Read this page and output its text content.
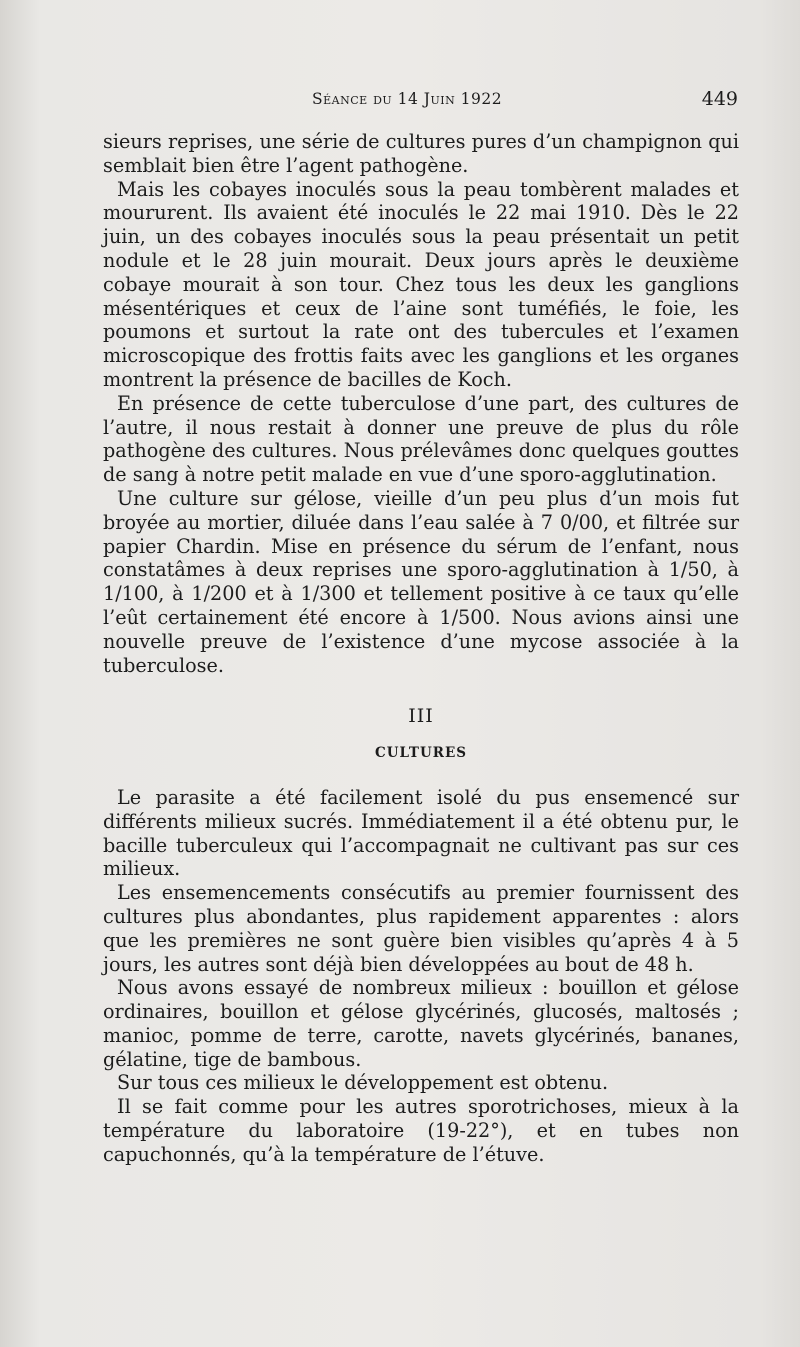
Séance du 14 Juin 1922	449

sieurs reprises, une série de cultures pures d’un champignon qui semblait bien être l’agent pathogène.

Mais les cobayes inoculés sous la peau tombèrent malades et moururent. Ils avaient été inoculés le 22 mai 1910. Dès le 22 juin, un des cobayes inoculés sous la peau présentait un petit nodule et le 28 juin mourait. Deux jours après le deuxième cobaye mourait à son tour. Chez tous les deux les ganglions mésentériques et ceux de l’aine sont tuméfiés, le foie, les poumons et surtout la rate ont des tubercules et l’examen microscopique des frottis faits avec les ganglions et les organes montrent la présence de bacilles de Koch.

En présence de cette tuberculose d’une part, des cultures de l’autre, il nous restait à donner une preuve de plus du rôle pathogène des cultures. Nous prélevâmes donc quelques gouttes de sang à notre petit malade en vue d’une sporo-agglutination.

Une culture sur gélose, vieille d’un peu plus d’un mois fut broyée au mortier, diluée dans l’eau salée à 7 0/00, et filtrée sur papier Chardin. Mise en présence du sérum de l’enfant, nous constatâmes à deux reprises une sporo-agglutination à 1/50, à 1/100, à 1/200 et à 1/300 et tellement positive à ce taux qu’elle l’eût certainement été encore à 1/500. Nous avions ainsi une nouvelle preuve de l’existence d’une mycose associée à la tuberculose.

III
CULTURES

Le parasite a été facilement isolé du pus ensemencé sur différents milieux sucrés. Immédiatement il a été obtenu pur, le bacille tuberculeux qui l’accompagnait ne cultivant pas sur ces milieux.

Les ensemencements consécutifs au premier fournissent des cultures plus abondantes, plus rapidement apparentes : alors que les premières ne sont guère bien visibles qu’après 4 à 5 jours, les autres sont déjà bien développées au bout de 48 h.

Nous avons essayé de nombreux milieux : bouillon et gélose ordinaires, bouillon et gélose glycérinés, glucosés, maltosés ; manioc, pomme de terre, carotte, navets glycérinés, bananes, gélatine, tige de bambous.

Sur tous ces milieux le développement est obtenu.

Il se fait comme pour les autres sporotrichoses, mieux à la température du laboratoire (19-22°), et en tubes non capuchonnés, qu’à la température de l’étuve.
